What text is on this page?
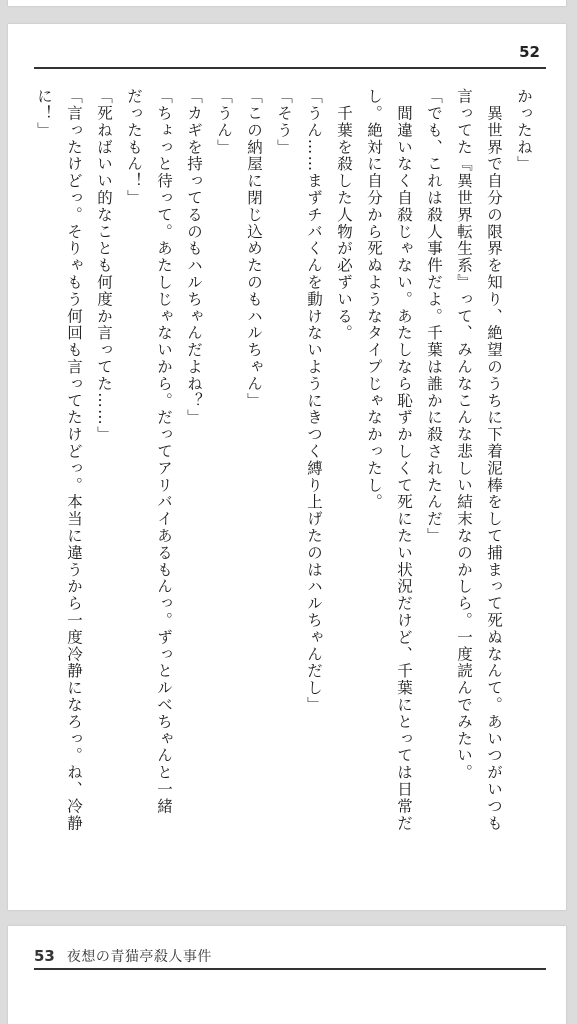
52
かったね」
　異世界で自分の限界を知り、絶望のうちに下着泥棒をして捕まって死ぬなんて。あいつがいつも
言ってた『異世界転生系』って、みんなこんな悲しい結末なのかしら。一度読んでみたい。
「でも、これは殺人事件だよ。千葉は誰かに殺されたんだ」
　間違いなく自殺じゃない。あたしなら恥ずかしくて死にたい状況だけど、千葉にとっては日常だ
し。絶対に自分から死ぬようなタイプじゃなかったし。
　千葉を殺した人物が必ずいる。
「うん……まずチバくんを動けないようにきつく縛り上げたのはハルちゃんだし」
「そう」
「この納屋に閉じ込めたのもハルちゃん」
「うん」
「カギを持ってるのもハルちゃんだよね？」
「ちょっと待って。あたしじゃないから。だってアリバイあるもんっ。ずっとルべちゃんと一緒
だったもん！」
「死ねばいい的なことも何度か言ってた……」
「言ったけどっ。そりゃもう何回も言ってたけどっ。本当に違うから一度冷静になろっ。ね、冷静
に！」
53 夜想の青猫亭殺人事件
